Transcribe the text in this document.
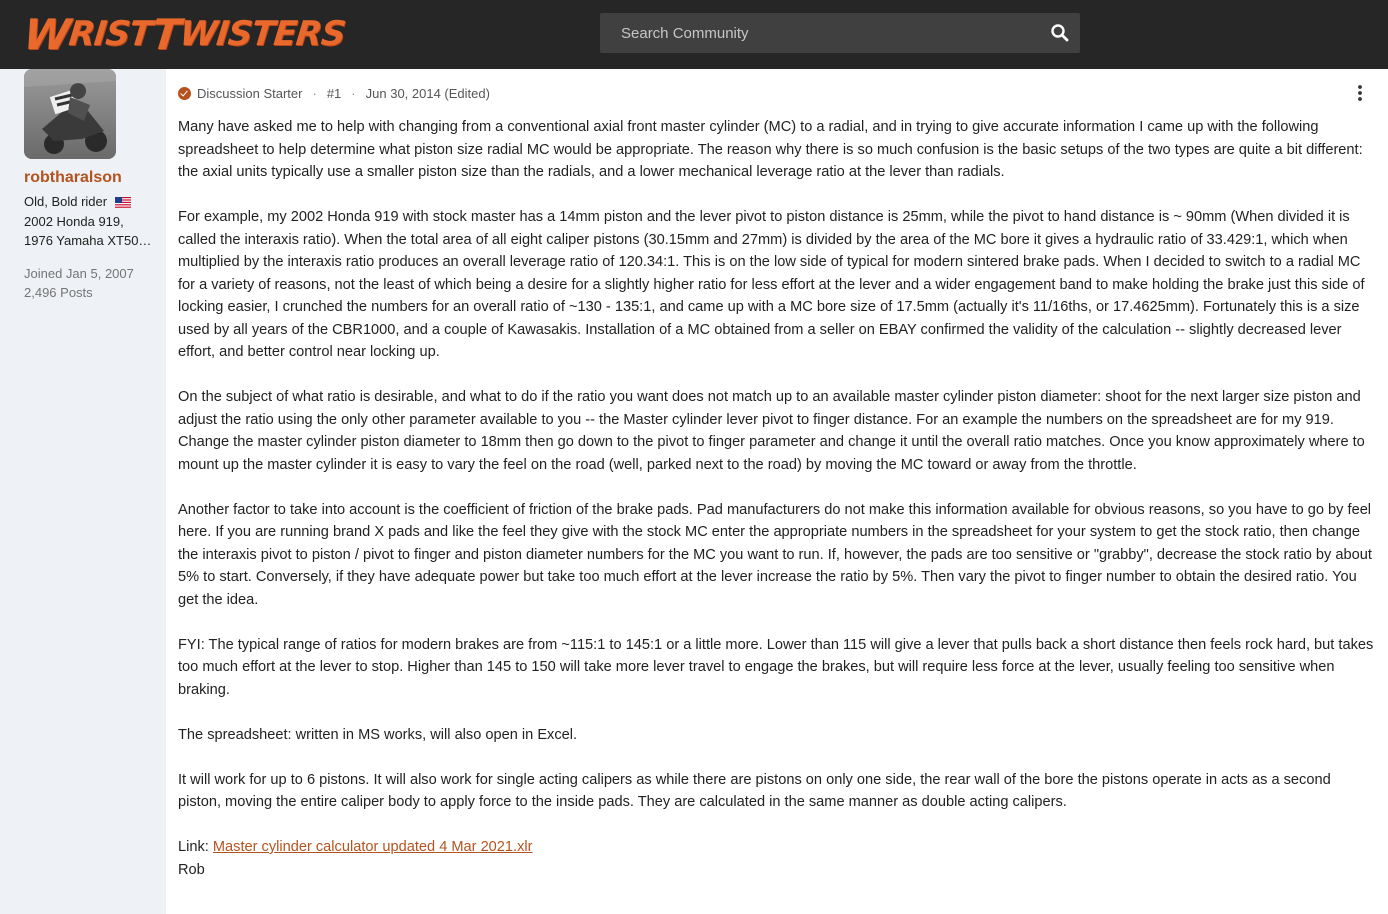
W
RIST
T
WISTERS
Search Community
robtharalson
Old, Bold rider
2002 Honda 919,
1976 Yamaha XT50…
Joined Jan 5, 2007
2,496 Posts
Discussion Starter · #1 · Jun 30, 2014 (Edited)

Many have asked me to help with changing from a conventional axial front master cylinder (MC) to a radial, and in trying to give accurate information I came up with the following spreadsheet to help determine what piston size radial MC would be appropriate. The reason why there is so much confusion is the basic setups of the two types are quite a bit different: the axial units typically use a smaller piston size than the radials, and a lower mechanical leverage ratio at the lever than radials.

For example, my 2002 Honda 919 with stock master has a 14mm piston and the lever pivot to piston distance is 25mm, while the pivot to hand distance is ~ 90mm (When divided it is called the interaxis ratio). When the total area of all eight caliper pistons (30.15mm and 27mm) is divided by the area of the MC bore it gives a hydraulic ratio of 33.429:1, which when multiplied by the interaxis ratio produces an overall leverage ratio of 120.34:1. This is on the low side of typical for modern sintered brake pads. When I decided to switch to a radial MC for a variety of reasons, not the least of which being a desire for a slightly higher ratio for less effort at the lever and a wider engagement band to make holding the brake just this side of locking easier, I crunched the numbers for an overall ratio of ~130 - 135:1, and came up with a MC bore size of 17.5mm (actually it's 11/16ths, or 17.4625mm). Fortunately this is a size used by all years of the CBR1000, and a couple of Kawasakis. Installation of a MC obtained from a seller on EBAY confirmed the validity of the calculation -- slightly decreased lever effort, and better control near locking up.

On the subject of what ratio is desirable, and what to do if the ratio you want does not match up to an available master cylinder piston diameter: shoot for the next larger size piston and adjust the ratio using the only other parameter available to you -- the Master cylinder lever pivot to finger distance. For an example the numbers on the spreadsheet are for my 919. Change the master cylinder piston diameter to 18mm then go down to the pivot to finger parameter and change it until the overall ratio matches. Once you know approximately where to mount up the master cylinder it is easy to vary the feel on the road (well, parked next to the road) by moving the MC toward or away from the throttle.

Another factor to take into account is the coefficient of friction of the brake pads. Pad manufacturers do not make this information available for obvious reasons, so you have to go by feel here. If you are running brand X pads and like the feel they give with the stock MC enter the appropriate numbers in the spreadsheet for your system to get the stock ratio, then change the interaxis pivot to piston / pivot to finger and piston diameter numbers for the MC you want to run. If, however, the pads are too sensitive or "grabby", decrease the stock ratio by about 5% to start. Conversely, if they have adequate power but take too much effort at the lever increase the ratio by 5%. Then vary the pivot to finger number to obtain the desired ratio. You get the idea.

FYI: The typical range of ratios for modern brakes are from ~115:1 to 145:1 or a little more. Lower than 115 will give a lever that pulls back a short distance then feels rock hard, but takes too much effort at the lever to stop. Higher than 145 to 150 will take more lever travel to engage the brakes, but will require less force at the lever, usually feeling too sensitive when braking.

The spreadsheet: written in MS works, will also open in Excel.

It will work for up to 6 pistons. It will also work for single acting calipers as while there are pistons on only one side, the rear wall of the bore the pistons operate in acts as a second piston, moving the entire caliper body to apply force to the inside pads. They are calculated in the same manner as double acting calipers.

Link: Master cylinder calculator updated 4 Mar 2021.xlr

Rob
